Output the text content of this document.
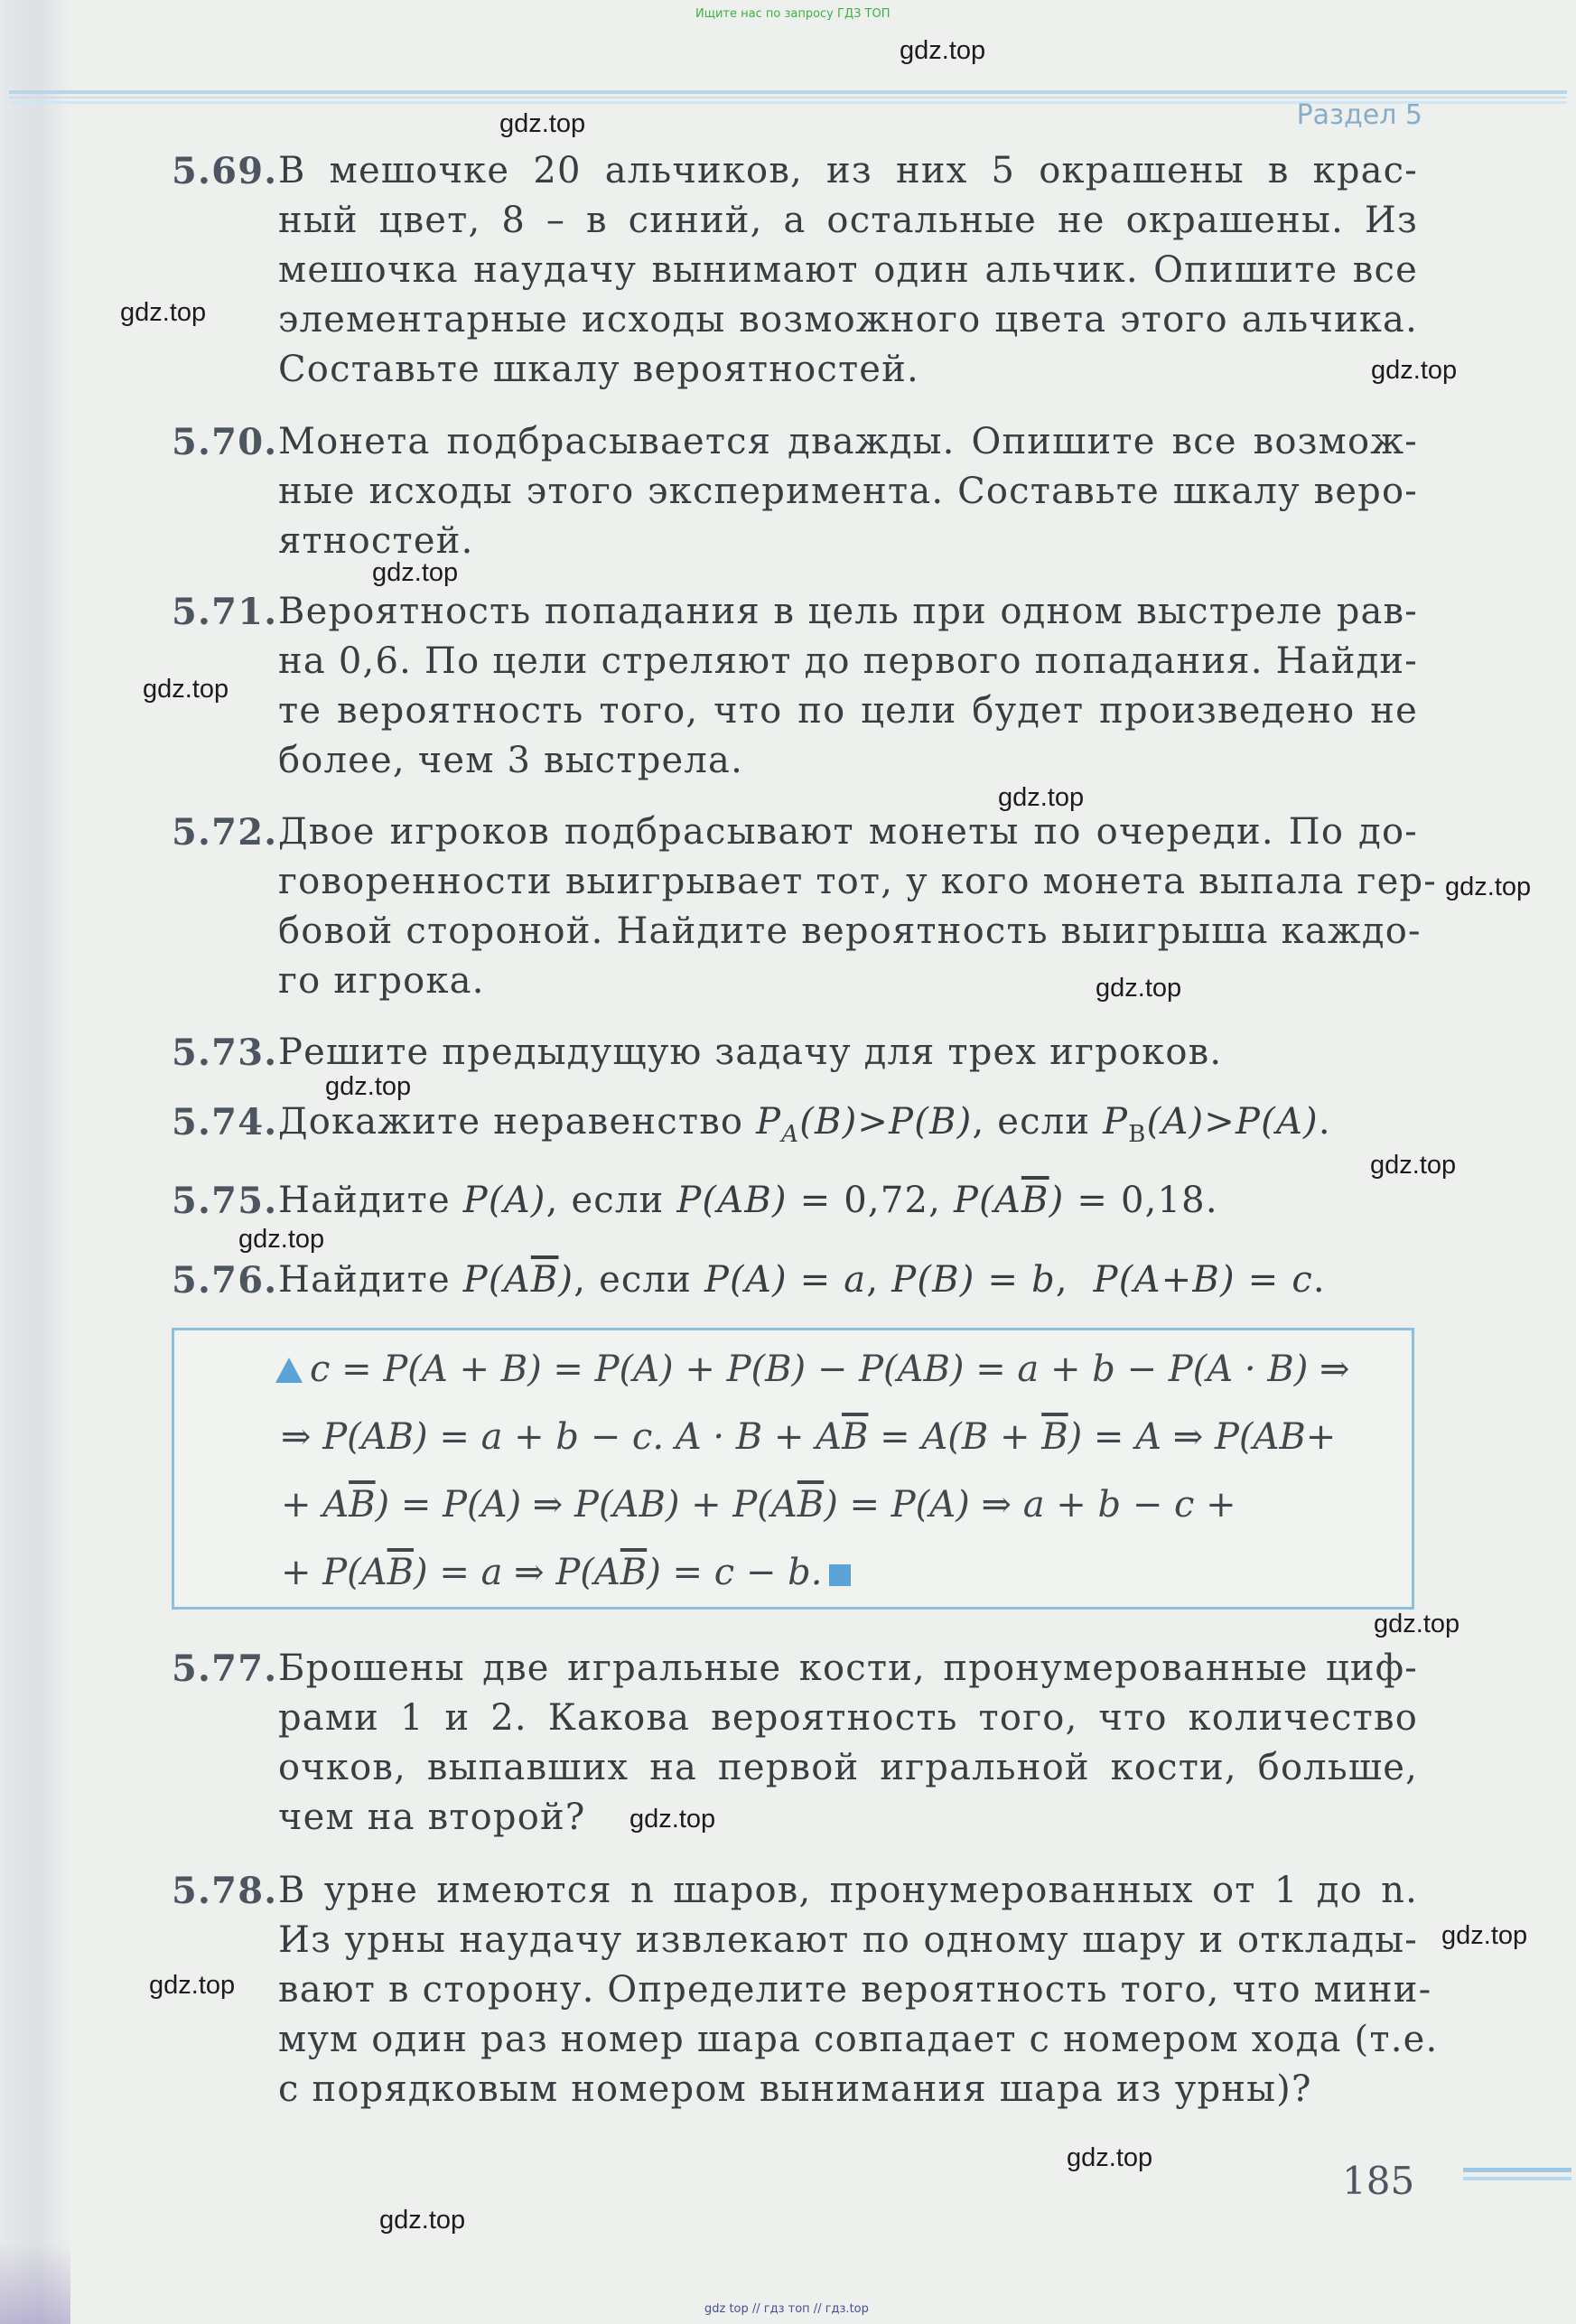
Ищите нас по запросу ГДЗ ТОП
Раздел 5
gdz.top
gdz.top
gdz.top
gdz.top
gdz.top
gdz.top
gdz.top
gdz.top
gdz.top
gdz.top
gdz.top
gdz.top
gdz.top
gdz.top
gdz.top
gdz.top
gdz.top
gdz.top
5.69. В мешочке 20 альчиков, из них 5 окрашены в крас-
ный цвет, 8 – в синий, а остальные не окрашены. Из
мешочка наудачу вынимают один альчик. Опишите все
элементарные исходы возможного цвета этого альчика.
Составьте шкалу вероятностей.
5.70. Монета подбрасывается дважды. Опишите все возмож-
ные исходы этого эксперимента. Составьте шкалу веро-
ятностей.
5.71. Вероятность попадания в цель при одном выстреле рав-
на 0,6. По цели стреляют до первого попадания. Найди-
те вероятность того, что по цели будет произведено не
более, чем 3 выстрела.
5.72. Двое игроков подбрасывают монеты по очереди. По до-
говоренности выигрывает тот, у кого монета выпала гер-
бовой стороной. Найдите вероятность выигрыша каждо-
го игрока.
5.73. Решите предыдущую задачу для трех игроков.
5.74. Докажите неравенство $P_A(B)>P(B)$, если $P_B(A)>P(A)$.
5.75. Найдите P(A), если P(AB) = 0,72, $P(A\overline{B}) = 0,18$.
5.76. Найдите $P(A\overline{B})$, если P(A) = a, P(B) = b,  P(A+B) = c.
c = P(A + B) = P(A) + P(B) − P(AB) = a + b − P(A · B) ⇒
⇒ P(AB) = a + b − c. $A \cdot B + A\overline{B} = A(B + \overline{B}) = A$ ⇒ P(AB+
+ $A\overline{B}) = P(A)$ ⇒ $P(AB) + P(A\overline{B}) = P(A)$ ⇒ a + b − c +
+ $P(A\overline{B}) = a$ ⇒ $P(A\overline{B}) = c - b$.
5.77. Брошены две игральные кости, пронумерованные циф-
рами 1 и 2. Какова вероятность того, что количество
очков, выпавших на первой игральной кости, больше,
чем на второй?
5.78. В урне имеются n шаров, пронумерованных от 1 до n.
Из урны наудачу извлекают по одному шару и отклады-
вают в сторону. Определите вероятность того, что мини-
мум один раз номер шара совпадает с номером хода (т.е.
с порядковым номером вынимания шара из урны)?
185
gdz top // гдз топ // гдз.top
